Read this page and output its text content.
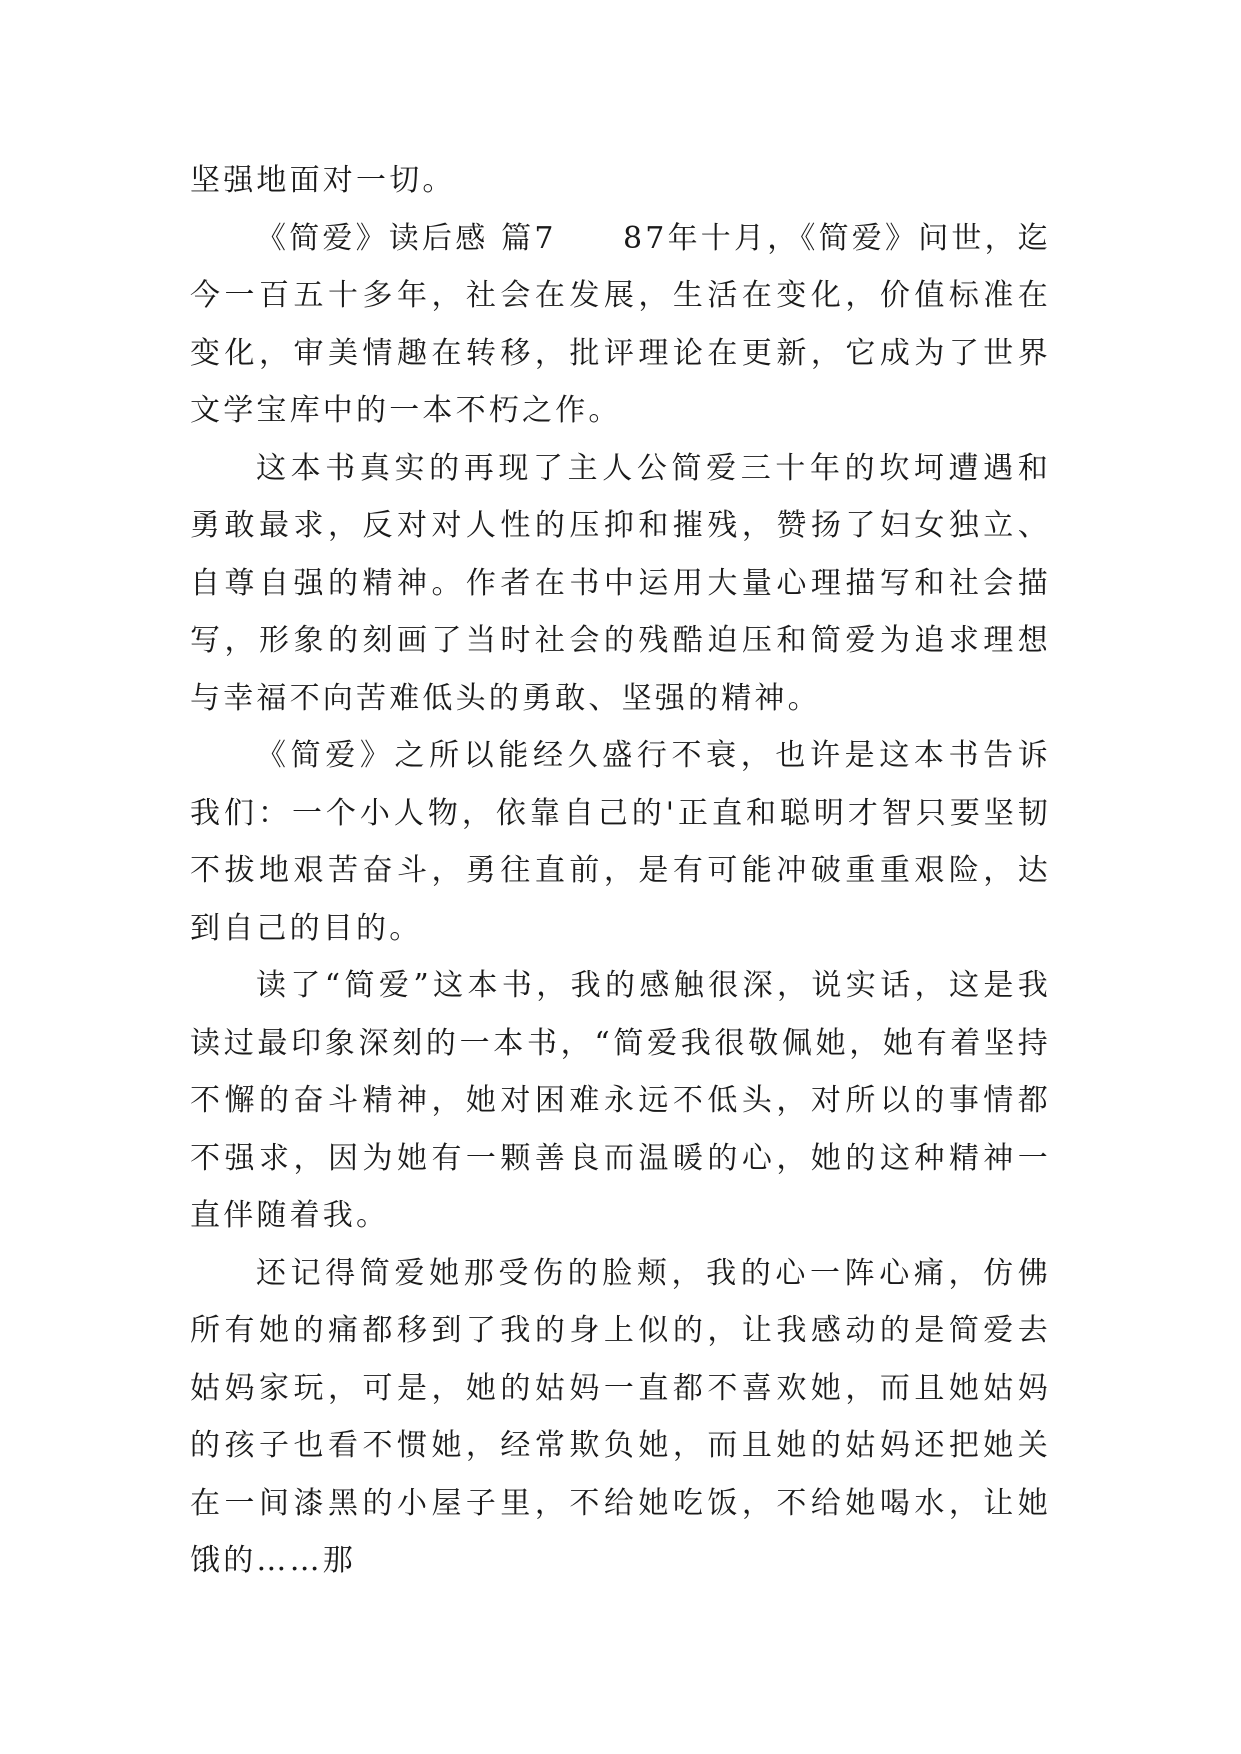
坚强地面对一切。

《简爱》读后感 篇7　　87年十月，《简爱》问世，迄今一百五十多年，社会在发展，生活在变化，价值标准在变化，审美情趣在转移，批评理论在更新，它成为了世界文学宝库中的一本不朽之作。

这本书真实的再现了主人公简爱三十年的坎坷遭遇和勇敢最求，反对对人性的压抑和摧残，赞扬了妇女独立、自尊自强的精神。作者在书中运用大量心理描写和社会描写，形象的刻画了当时社会的残酷迫压和简爱为追求理想与幸福不向苦难低头的勇敢、坚强的精神。

《简爱》之所以能经久盛行不衰，也许是这本书告诉我们：一个小人物，依靠自己的'正直和聪明才智只要坚韧不拔地艰苦奋斗，勇往直前，是有可能冲破重重艰险，达到自己的目的。

读了“简爱”这本书，我的感触很深，说实话，这是我读过最印象深刻的一本书，“简爱我很敬佩她，她有着坚持不懈的奋斗精神，她对困难永远不低头，对所以的事情都不强求，因为她有一颗善良而温暖的心，她的这种精神一直伴随着我。

还记得简爱她那受伤的脸颊，我的心一阵心痛，仿佛所有她的痛都移到了我的身上似的，让我感动的是简爱去姑妈家玩，可是，她的姑妈一直都不喜欢她，而且她姑妈的孩子也看不惯她，经常欺负她，而且她的姑妈还把她关在一间漆黑的小屋子里，不给她吃饭，不给她喝水，让她饿的……那
